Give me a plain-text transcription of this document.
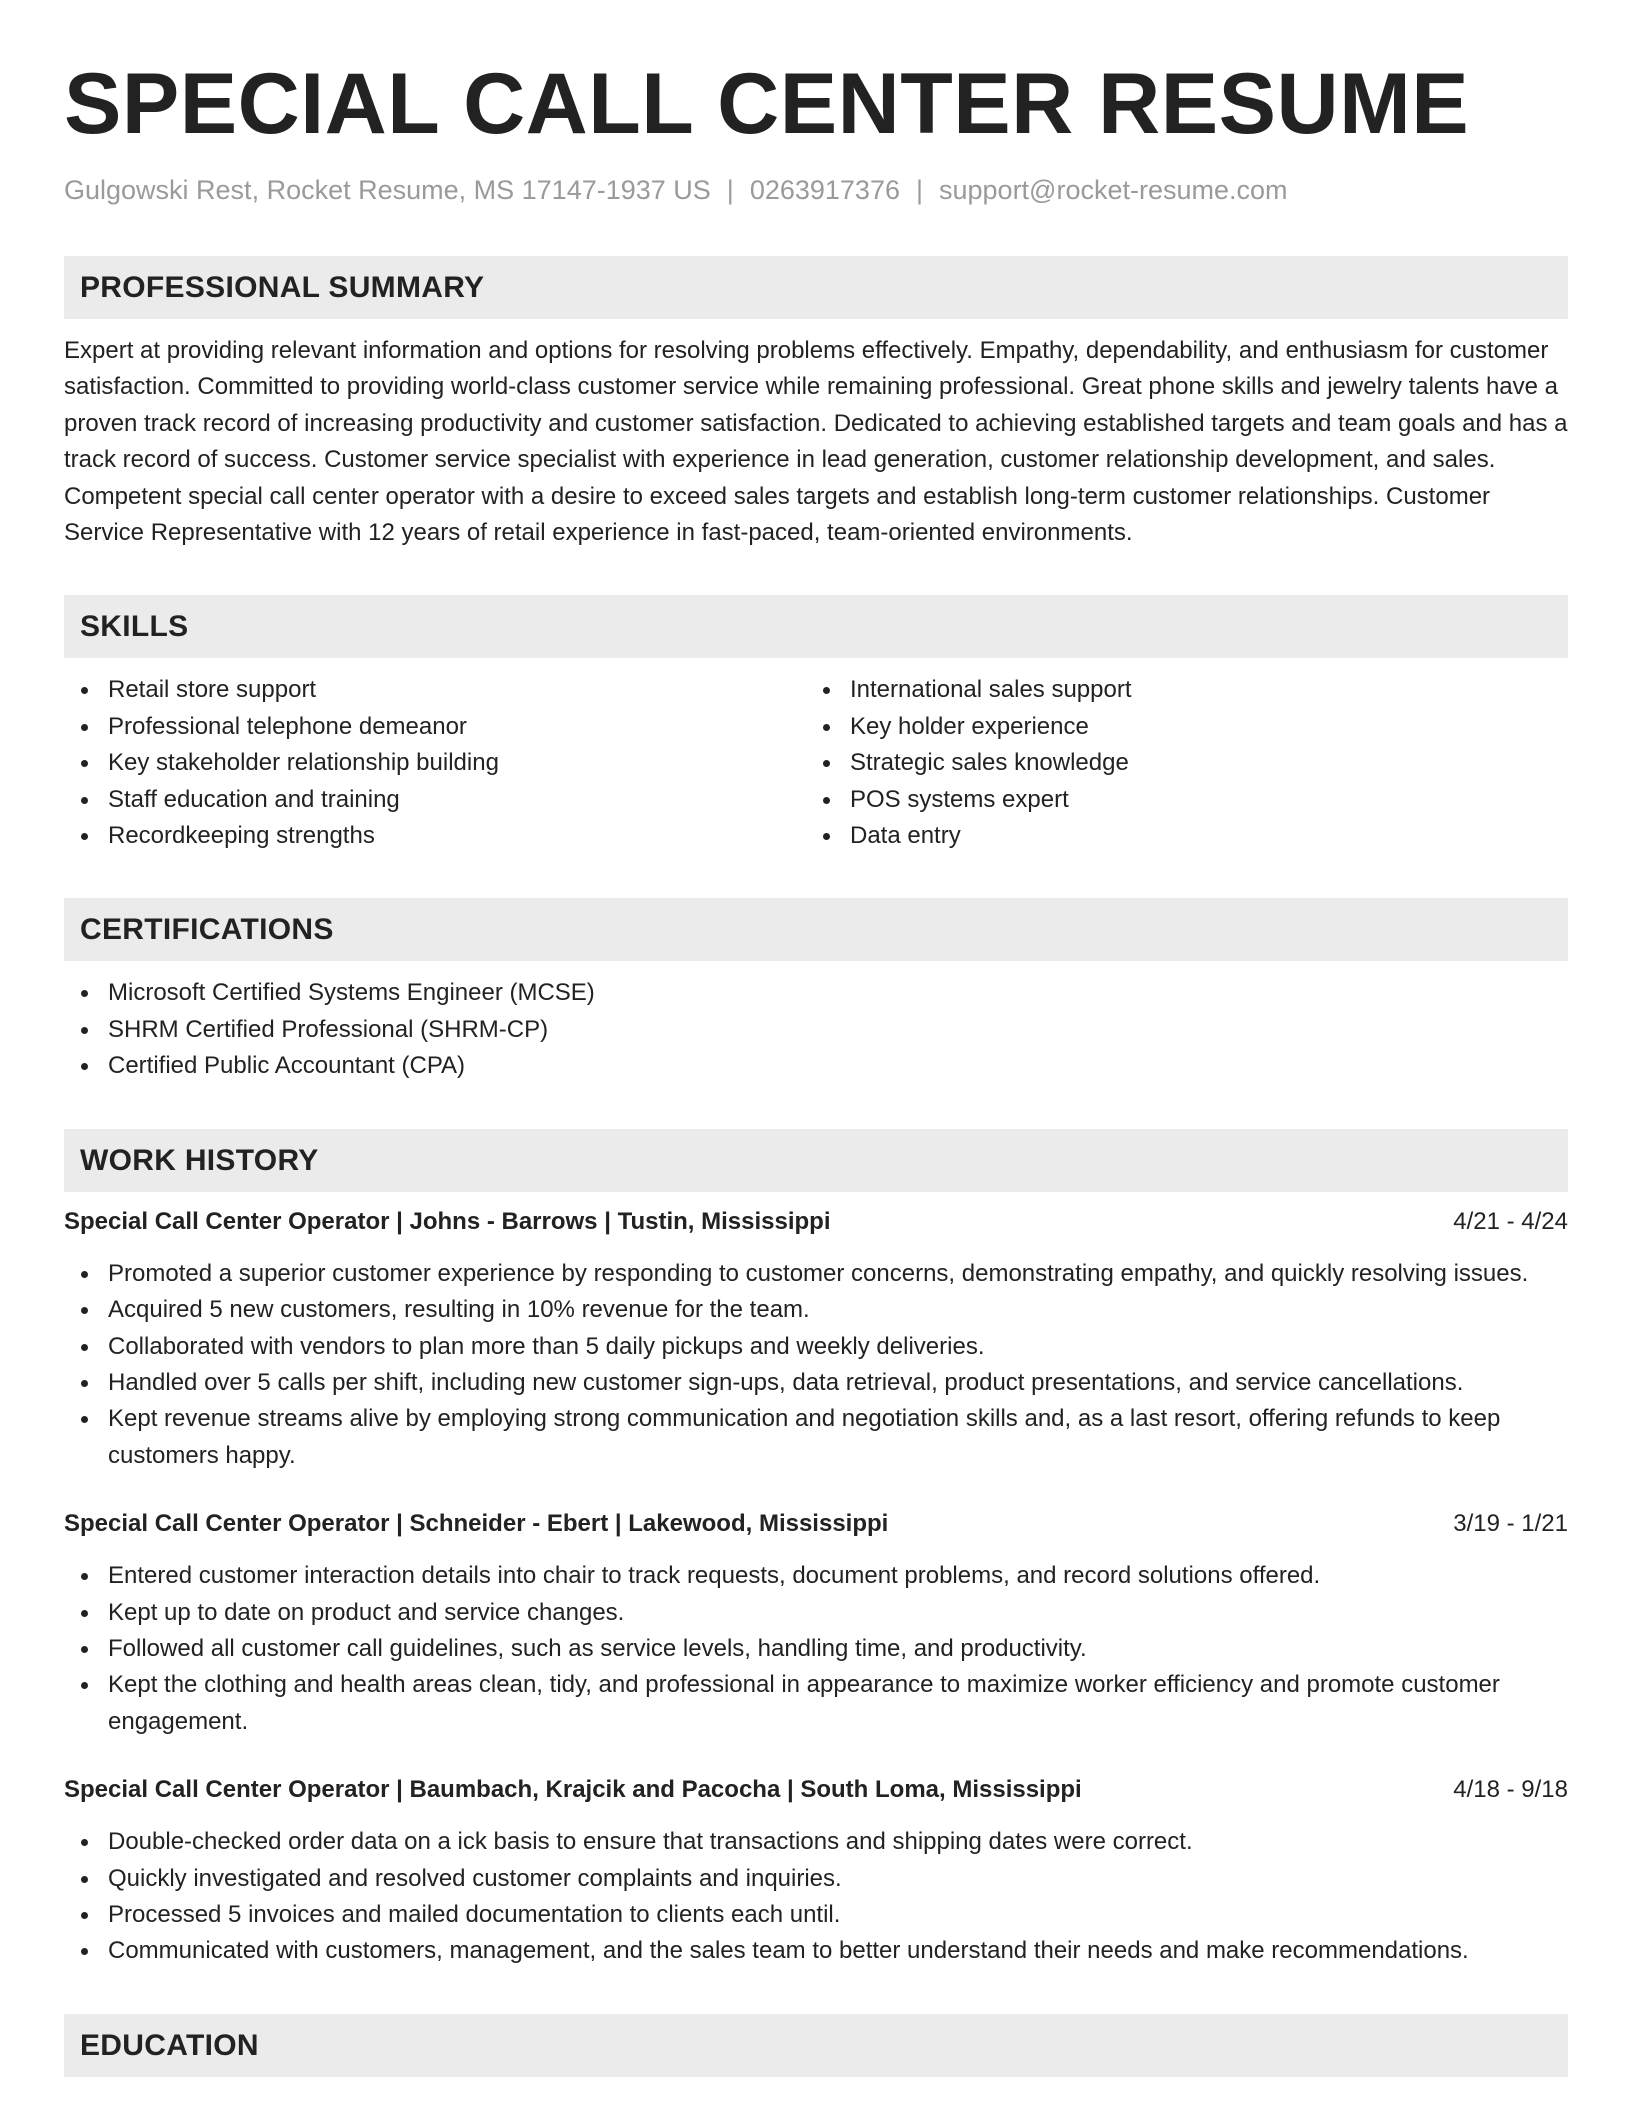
SPECIAL CALL CENTER RESUME
Gulgowski Rest, Rocket Resume, MS 17147-1937 US | 0263917376 | support@rocket-resume.com
PROFESSIONAL SUMMARY
Expert at providing relevant information and options for resolving problems effectively. Empathy, dependability, and enthusiasm for customer satisfaction. Committed to providing world-class customer service while remaining professional. Great phone skills and jewelry talents have a proven track record of increasing productivity and customer satisfaction. Dedicated to achieving established targets and team goals and has a track record of success. Customer service specialist with experience in lead generation, customer relationship development, and sales. Competent special call center operator with a desire to exceed sales targets and establish long-term customer relationships. Customer Service Representative with 12 years of retail experience in fast-paced, team-oriented environments.
SKILLS
Retail store support
Professional telephone demeanor
Key stakeholder relationship building
Staff education and training
Recordkeeping strengths
International sales support
Key holder experience
Strategic sales knowledge
POS systems expert
Data entry
CERTIFICATIONS
Microsoft Certified Systems Engineer (MCSE)
SHRM Certified Professional (SHRM-CP)
Certified Public Accountant (CPA)
WORK HISTORY
Special Call Center Operator | Johns - Barrows | Tustin, Mississippi	4/21 - 4/24
Promoted a superior customer experience by responding to customer concerns, demonstrating empathy, and quickly resolving issues.
Acquired 5 new customers, resulting in 10% revenue for the team.
Collaborated with vendors to plan more than 5 daily pickups and weekly deliveries.
Handled over 5 calls per shift, including new customer sign-ups, data retrieval, product presentations, and service cancellations.
Kept revenue streams alive by employing strong communication and negotiation skills and, as a last resort, offering refunds to keep customers happy.
Special Call Center Operator | Schneider - Ebert | Lakewood, Mississippi	3/19 - 1/21
Entered customer interaction details into chair to track requests, document problems, and record solutions offered.
Kept up to date on product and service changes.
Followed all customer call guidelines, such as service levels, handling time, and productivity.
Kept the clothing and health areas clean, tidy, and professional in appearance to maximize worker efficiency and promote customer engagement.
Special Call Center Operator | Baumbach, Krajcik and Pacocha | South Loma, Mississippi	4/18 - 9/18
Double-checked order data on a ick basis to ensure that transactions and shipping dates were correct.
Quickly investigated and resolved customer complaints and inquiries.
Processed 5 invoices and mailed documentation to clients each until.
Communicated with customers, management, and the sales team to better understand their needs and make recommendations.
EDUCATION
